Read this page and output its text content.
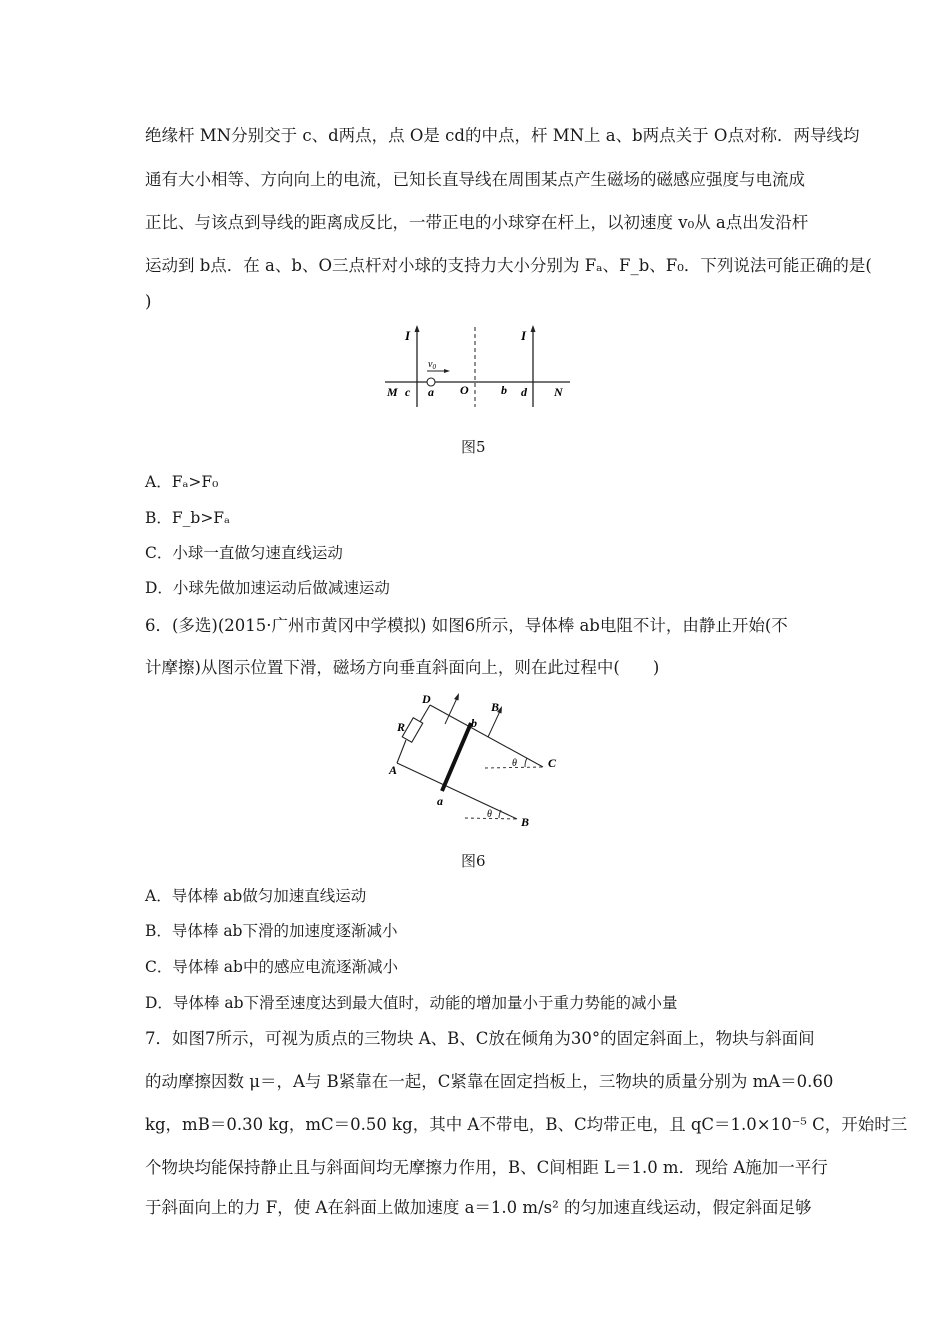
绝缘杆 MN分别交于 c、d两点，点 O是 cd的中点，杆 MN上 a、b两点关于 O点对称．两导线均
通有大小相等、方向向上的电流，已知长直导线在周围某点产生磁场的磁感应强度与电流成
正比、与该点到导线的距离成反比，一带正电的小球穿在杆上，以初速度 v₀从 a点出发沿杆
运动到 b点．在 a、b、O三点杆对小球的支持力大小分别为 Fₐ、F_b、F₀．下列说法可能正确的是(
)
I	I
$v_0$
M c a O	b d N
图5
A．Fₐ>F₀
B．F_b>Fₐ
C．小球一直做匀速直线运动
D．小球先做加速运动后做减速运动
6．(多选)(2015·广州市黄冈中学模拟) 如图6所示，导体棒 ab电阻不计，由静止开始(不
计摩擦)从图示位置下滑，磁场方向垂直斜面向上，则在此过程中(　　)
D
R
A
a
b
B
C
B
θ
θ
图6
A．导体棒 ab做匀加速直线运动
B．导体棒 ab下滑的加速度逐渐减小
C．导体棒 ab中的感应电流逐渐减小
D．导体棒 ab下滑至速度达到最大值时，动能的增加量小于重力势能的减小量
7．如图7所示，可视为质点的三物块 A、B、C放在倾角为30°的固定斜面上，物块与斜面间
的动摩擦因数 μ＝，A与 B紧靠在一起，C紧靠在固定挡板上，三物块的质量分别为 mA＝0.60
kg，mB＝0.30 kg，mC＝0.50 kg，其中 A不带电，B、C均带正电，且 qC＝1.0×10⁻⁵ C，开始时三
个物块均能保持静止且与斜面间均无摩擦力作用，B、C间相距 L＝1.0 m．现给 A施加一平行
于斜面向上的力 F，使 A在斜面上做加速度 a＝1.0 m/s² 的匀加速直线运动，假定斜面足够
